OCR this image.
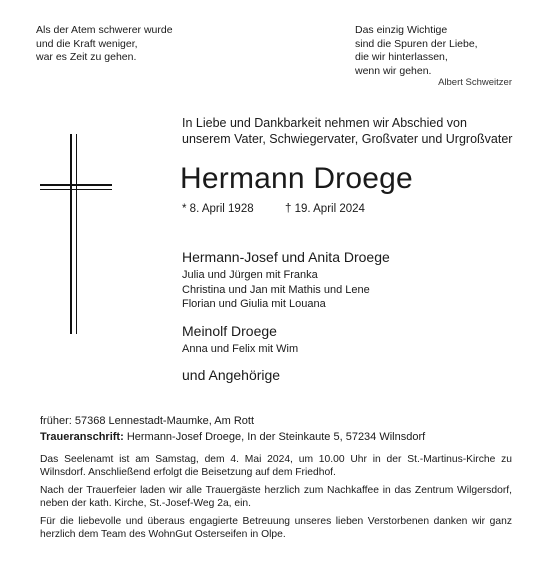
Als der Atem schwerer wurde
und die Kraft weniger,
war es Zeit zu gehen.
Das einzig Wichtige
sind die Spuren der Liebe,
die wir hinterlassen,
wenn wir gehen.
Albert Schweitzer
In Liebe und Dankbarkeit nehmen wir Abschied von
unserem Vater, Schwiegervater, Großvater und Urgroßvater
Hermann Droege
* 8. April 1928	† 19. April 2024
Hermann-Josef und Anita Droege
Julia und Jürgen mit Franka
Christina und Jan mit Mathis und Lene
Florian und Giulia mit Louana
Meinolf Droege
Anna und Felix mit Wim
und Angehörige
früher: 57368 Lennestadt-Maumke, Am Rott
Traueranschrift: Hermann-Josef Droege, In der Steinkaute 5, 57234 Wilnsdorf

Das Seelenamt ist am Samstag, dem 4. Mai 2024, um 10.00 Uhr in der St.-Martinus-Kirche zu Wilnsdorf. Anschließend erfolgt die Beisetzung auf dem Friedhof.

Nach der Trauerfeier laden wir alle Trauergäste herzlich zum Nachkaffee in das Zentrum Wilgersdorf, neben der kath. Kirche, St.-Josef-Weg 2a, ein.

Für die liebevolle und überaus engagierte Betreuung unseres lieben Verstorbenen danken wir ganz herzlich dem Team des WohnGut Osterseifen in Olpe.
